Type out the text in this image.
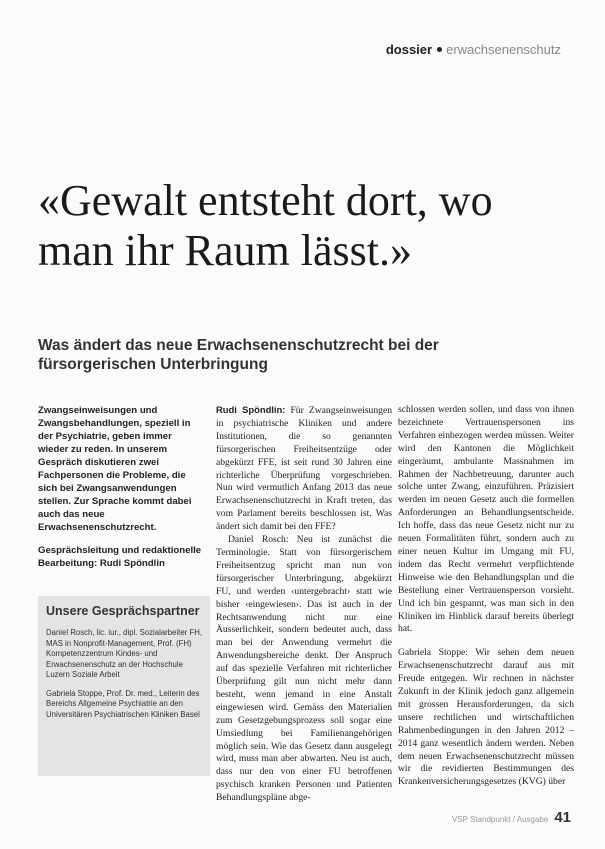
dossier erwachsenenschutz
«Gewalt entsteht dort, wo man ihr Raum lässt.»
Was ändert das neue Erwachsenenschutzrecht bei der fürsorgerischen Unterbringung

Zwangseinweisungen und Zwangsbehandlungen, speziell in der Psychiatrie, geben immer wieder zu reden. In unserem Gespräch diskutieren zwei Fachpersonen die Probleme, die sich bei Zwangsanwendungen stellen. Zur Sprache kommt dabei auch das neue Erwachsenenschutzrecht.

Gesprächsleitung und redaktionelle Bearbeitung: Rudi Spöndlin

Unsere Gesprächspartner

Daniel Rosch, lic. iur., dipl. Sozialarbeiter FH, MAS in Nonprofit-Management, Prof. (FH) Kompetenzzentrum Kindes- und Erwachsenenschutz an der Hochschule Luzern Soziale Arbeit

Gabriela Stoppe, Prof. Dr. med., Leiterin des Bereichs Allgemeine Psychiatrie an den Universitären Psychiatrischen Kliniken Basel

Rudi Spöndlin: Für Zwangseinweisungen in psychiatrische Kliniken und andere Institutionen, die so genannten fürsorgerischen Freiheitsentzüge oder abgekürzt FFE, ist seit rund 30 Jahren eine richterliche Überprüfung vorgeschrieben. Nun wird vermutlich Anfang 2013 das neue Erwachsenenschutzrecht in Kraft treten, das vom Parlament bereits beschlossen ist. Was ändert sich damit bei den FFE?

Daniel Rosch: Neu ist zunächst die Terminologie. Statt von fürsorgerischem Freiheitsentzug spricht man nun von fürsorgerischer Unterbringung, abgekürzt FU, und werden ‹untergebracht› statt wie bisher ‹eingewiesen›. Das ist auch in der Rechtsanwendung nicht nur eine Äusserlichkeit, sondern bedeutet auch, dass man bei der Anwendung vermehrt die Anwendungsbereiche denkt. Der Anspruch auf das spezielle Verfahren mit richterlicher Überprüfung gilt nun nicht mehr dann besteht, wenn jemand in eine Anstalt eingewiesen wird. Gemäss den Materialien zum Gesetzgebungsprozess soll sogar eine Umsiedlung bei Familienangehörigen möglich sein. Wie das Gesetz dann ausgelegt wird, muss man aber abwarten. Neu ist auch, dass nur den von einer FU betroffenen psychisch kranken Personen und Patienten Behandlungspläne abge-

schlossen werden sollen, und dass von ihnen bezeichnete Vertrauenspersonen ins Verfahren einbezogen werden müssen. Weiter wird den Kantonen die Möglichkeit eingeräumt, ambulante Massnahmen im Rahmen der Nachbetreuung, darunter auch solche unter Zwang, einzuführen. Präzisiert werden im neuen Gesetz auch die formellen Anforderungen an Behandlungsentscheide. Ich hoffe, dass das neue Gesetz nicht nur zu neuen Formalitäten führt, sondern auch zu einer neuen Kultur im Umgang mit FU, indem das Recht vermehrt verpflichtende Hinweise wie den Behandlungsplan und die Bestellung einer Vertrauensperson vorsieht. Und ich bin gespannt, was man sich in den Kliniken im Hinblick darauf bereits überlegt hat.

Gabriela Stoppe: Wir sehen dem neuen Erwachsenenschutzrecht darauf aus mit Freude entgegen. Wir rechnen in nächster Zukunft in der Klinik jedoch ganz allgemein mit grossen Herausforderungen, da sich unsere rechtlichen und wirtschaftlichen Rahmenbedingungen in den Jahren 2012 – 2014 ganz wesentlich ändern werden. Neben dem neuen Erwachsenenschutzrecht müssen wir die revidierten Bestimmungen des Krankenversicherungsgesetzes (KVG) über

VSP Standpunkt / Ausgabe 41
